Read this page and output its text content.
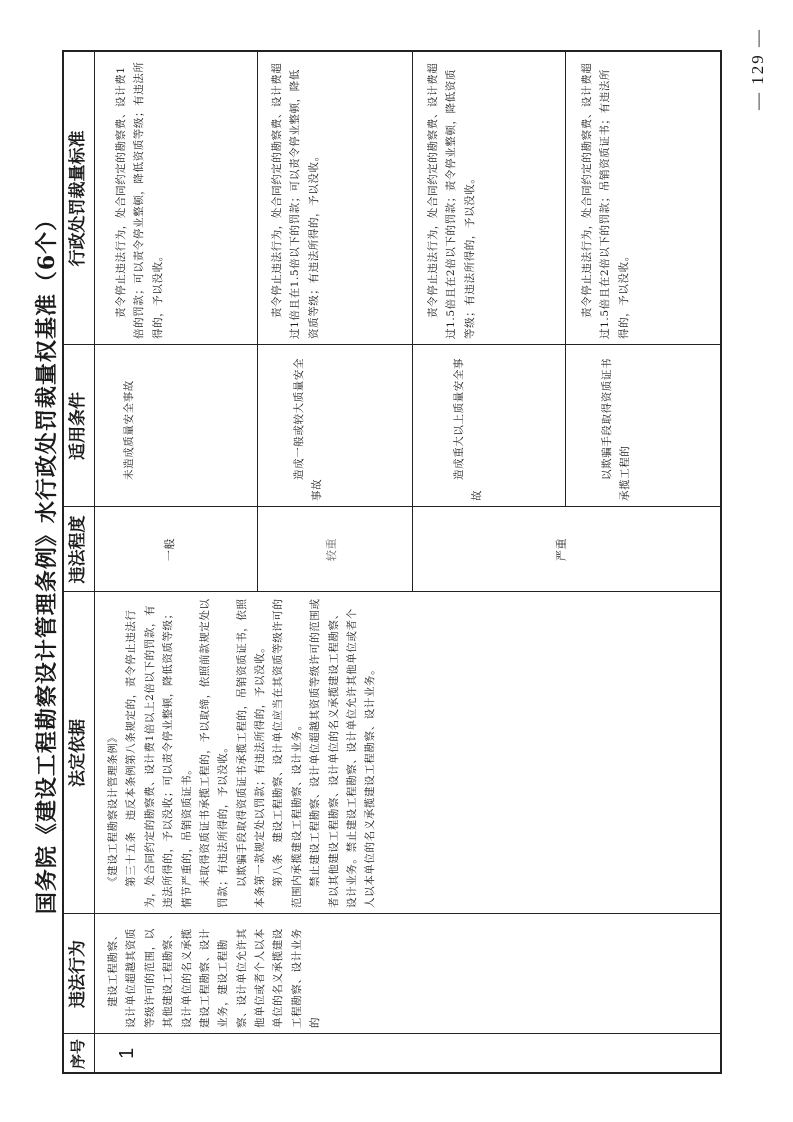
国务院《建设工程勘察设计管理条例》水行政处罚裁量权基准（6个）
序号
违法行为
法定依据
违法程度
适用条件
行政处罚裁量标准
1

建设工程勘察、设计单位超越其资质等级许可的范围，以其他建设工程勘察、设计单位的名义承揽建设工程勘察、设计业务，建设工程勘察、设计单位允许其他单位或者个人以本单位的名义承揽建设工程勘察、设计业务的

《建设工程勘察设计管理条例》 第三十五条　违反本条例第八条规定的，责令停止违法行为，处合同约定的勘察费、设计费1倍以上2倍以下的罚款，有违法所得的，予以没收；可以责令停业整顿，降低资质等级；情节严重的，吊销资质证书。 未取得资质证书承揽工程的，予以取缔，依照前款规定处以罚款；有违法所得的，予以没收。 以欺骗手段取得资质证书承揽工程的，吊销资质证书，依照本条第一款规定处以罚款；有违法所得的，予以没收。 第八条　建设工程勘察、设计单位应当在其资质等级许可的范围内承揽建设工程勘察、设计业务。 禁止建设工程勘察、设计单位超越其资质等级许可的范围或者以其他建设工程勘察、设计单位的名义承揽建设工程勘察、设计业务。禁止建设工程勘察、设计单位允许其他单位或者个人以本单位的名义承揽建设工程勘察、设计业务。

一般

未造成质量安全事故

责令停止违法行为，处合同约定的勘察费、设计费1倍的罚款；可以责令停业整顿，降低资质等级；有违法所得的，予以没收。

较重

造成一般或较大质量安全事故

责令停止违法行为，处合同约定的勘察费、设计费超过1倍且在1.5倍以下的罚款；可以责令停业整顿，降低资质等级；有违法所得的，予以没收。

严重

造成重大以上质量安全事故

责令停止违法行为，处合同约定的勘察费、设计费超过1.5倍且在2倍以下的罚款；责令停业整顿，降低资质等级；有违法所得的，予以没收。

以欺骗手段取得资质证书承揽工程的

责令停止违法行为，处合同约定的勘察费、设计费超过1.5倍且在2倍以下的罚款；吊销资质证书；有违法所得的，予以没收。

— 129 —
